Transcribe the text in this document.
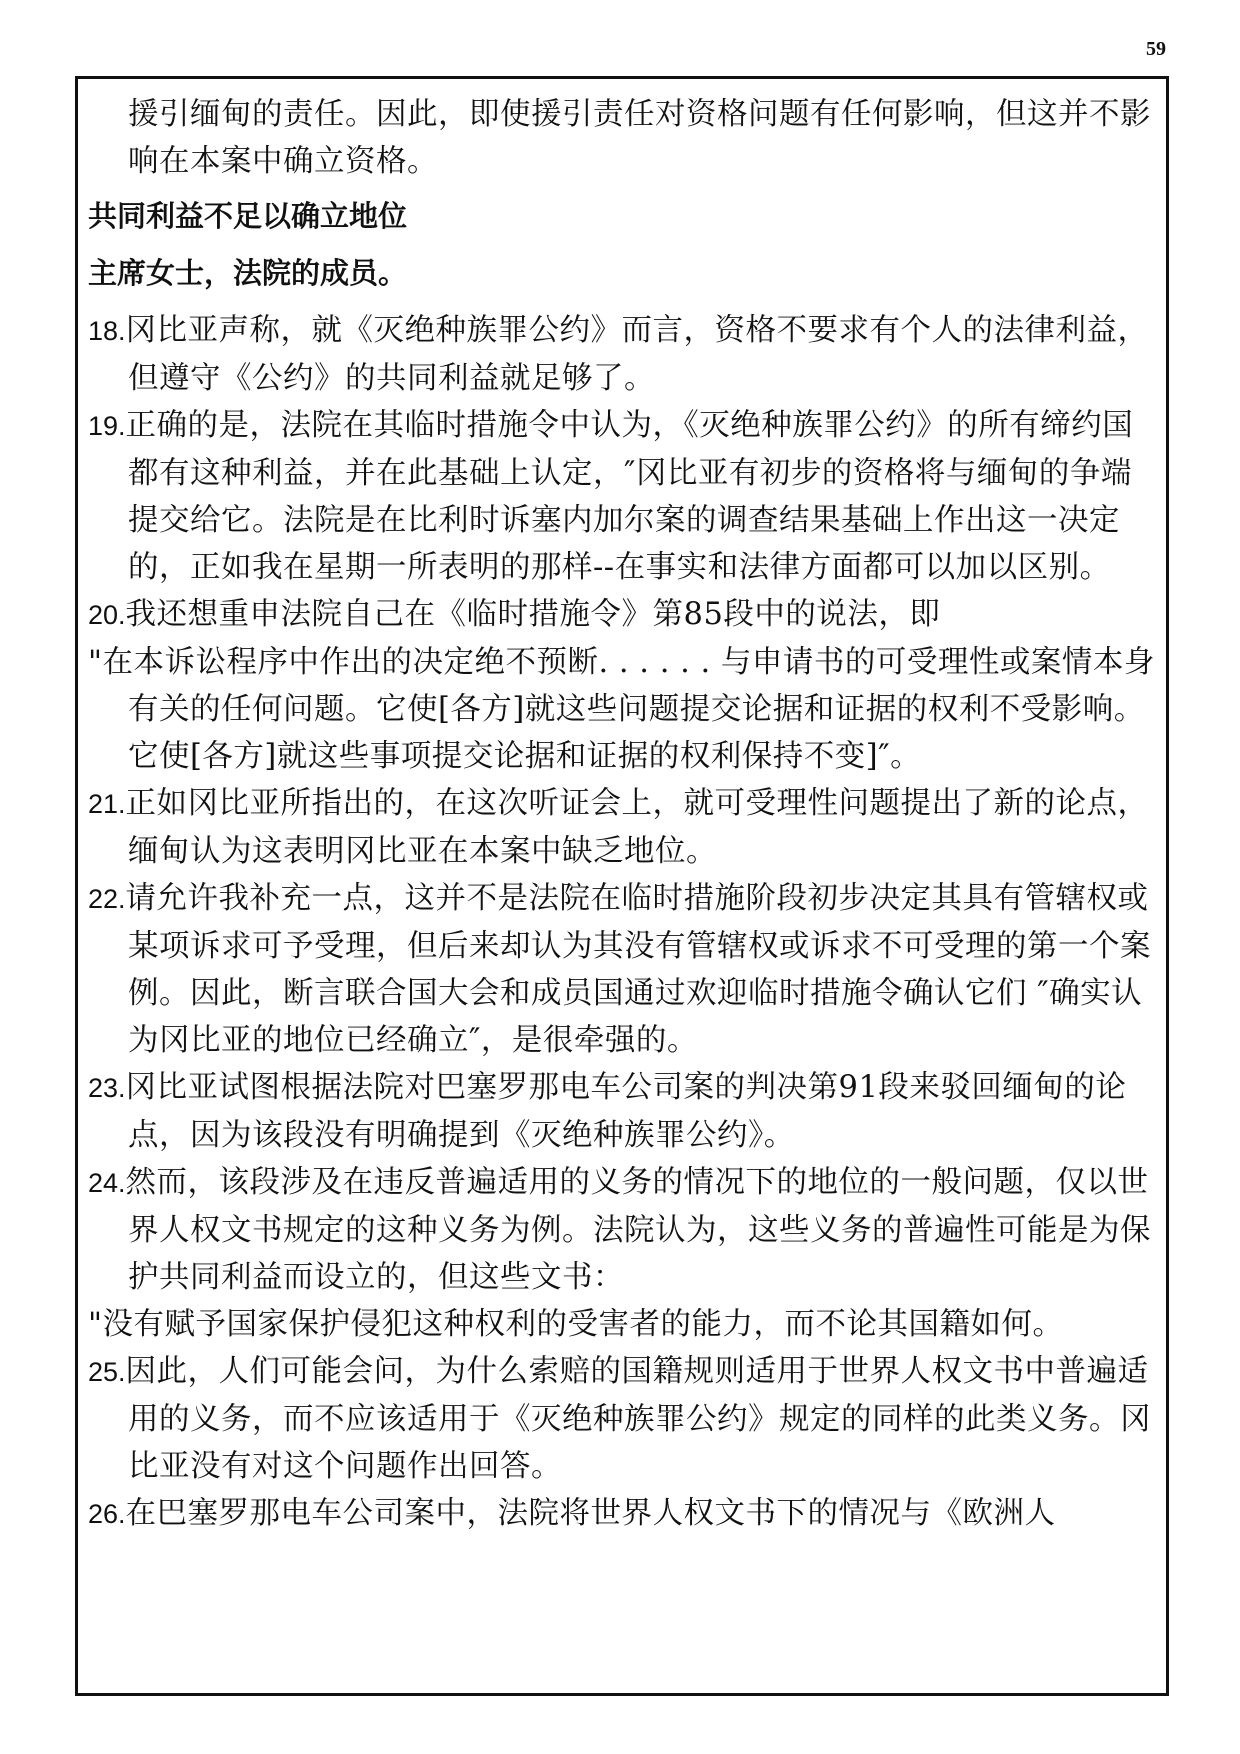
59

援引缅甸的责任。因此，即使援引责任对资格问题有任何影响，但这并不影响在本案中确立资格。

共同利益不足以确立地位

主席女士，法院的成员。

18.冈比亚声称，就《灭绝种族罪公约》而言，资格不要求有个人的法律利益，但遵守《公约》的共同利益就足够了。

19.正确的是，法院在其临时措施令中认为，《灭绝种族罪公约》的所有缔约国都有这种利益，并在此基础上认定，″冈比亚有初步的资格将与缅甸的争端提交给它。法院是在比利时诉塞内加尔案的调查结果基础上作出这一决定的，正如我在星期一所表明的那样--在事实和法律方面都可以加以区别。

20.我还想重申法院自己在《临时措施令》第85段中的说法，即

"在本诉讼程序中作出的决定绝不预断. . . . . . 与申请书的可受理性或案情本身有关的任何问题。它使[各方]就这些问题提交论据和证据的权利不受影响。它使[各方]就这些事项提交论据和证据的权利保持不变]″。

21.正如冈比亚所指出的，在这次听证会上，就可受理性问题提出了新的论点，缅甸认为这表明冈比亚在本案中缺乏地位。

22.请允许我补充一点，这并不是法院在临时措施阶段初步决定其具有管辖权或某项诉求可予受理，但后来却认为其没有管辖权或诉求不可受理的第一个案例。因此，断言联合国大会和成员国通过欢迎临时措施令确认它们 ″确实认为冈比亚的地位已经确立″，是很牵强的。

23.冈比亚试图根据法院对巴塞罗那电车公司案的判决第91段来驳回缅甸的论点，因为该段没有明确提到《灭绝种族罪公约》。

24.然而，该段涉及在违反普遍适用的义务的情况下的地位的一般问题，仅以世界人权文书规定的这种义务为例。法院认为，这些义务的普遍性可能是为保护共同利益而设立的，但这些文书：

"没有赋予国家保护侵犯这种权利的受害者的能力，而不论其国籍如何。

25.因此，人们可能会问，为什么索赔的国籍规则适用于世界人权文书中普遍适用的义务，而不应该适用于《灭绝种族罪公约》规定的同样的此类义务。冈比亚没有对这个问题作出回答。

26.在巴塞罗那电车公司案中，法院将世界人权文书下的情况与《欧洲人
